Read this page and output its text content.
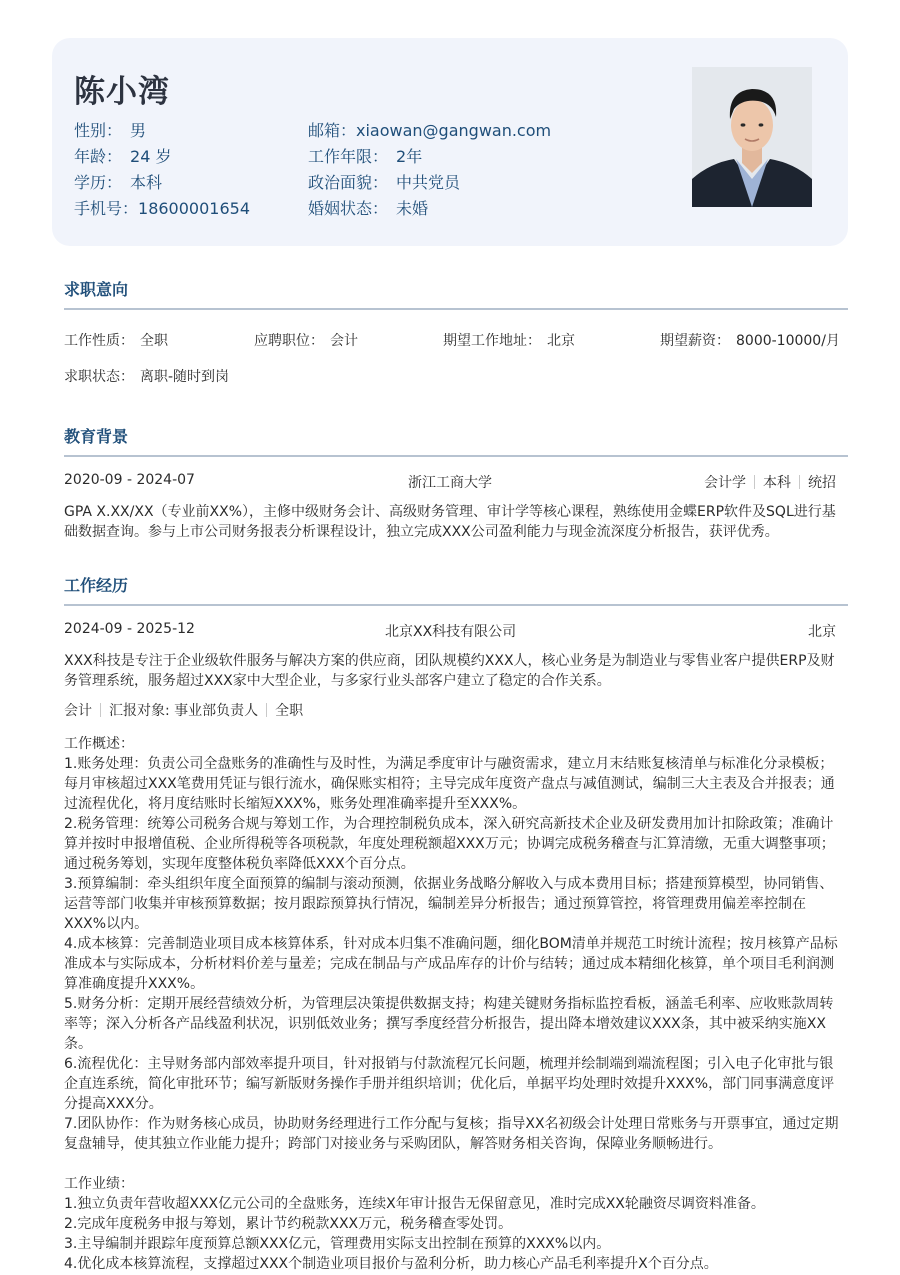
陈小湾
性别： 男	邮箱：xiaowan@gangwan.com
年龄： 24 岁	工作年限： 2年
学历： 本科	政治面貌： 中共党员
手机号：18600001654	婚姻状态： 未婚
求职意向
工作性质： 全职	应聘职位： 会计	期望工作地址： 北京	期望薪资： 8000-10000/月
求职状态： 离职-随时到岗
教育背景
2020-09 - 2024-07	浙江工商大学	会计学 本科 统招

GPA X.XX/XX（专业前XX%），主修中级财务会计、高级财务管理、审计学等核心课程，熟练使用金蝶ERP软件及SQL进行基础数据查询。参与上市公司财务报表分析课程设计，独立完成XXX公司盈利能力与现金流深度分析报告，获评优秀。

工作经历
2024-09 - 2025-12	北京XX科技有限公司	北京

XXX科技是专注于企业级软件服务与解决方案的供应商，团队规模约XXX人，核心业务是为制造业与零售业客户提供ERP及财务管理系统，服务超过XXX家中大型企业，与多家行业头部客户建立了稳定的合作关系。

会计 汇报对象: 事业部负责人 全职
工作概述：
1.账务处理：负责公司全盘账务的准确性与及时性，为满足季度审计与融资需求，建立月末结账复核清单与标准化分录模板；每月审核超过XXX笔费用凭证与银行流水，确保账实相符；主导完成年度资产盘点与减值测试，编制三大主表及合并报表；通过流程优化，将月度结账时长缩短XXX%，账务处理准确率提升至XXX%。
2.税务管理：统筹公司税务合规与筹划工作，为合理控制税负成本，深入研究高新技术企业及研发费用加计扣除政策；准确计算并按时申报增值税、企业所得税等各项税款，年度处理税额超XXX万元；协调完成税务稽查与汇算清缴，无重大调整事项；通过税务筹划，实现年度整体税负率降低XXX个百分点。
3.预算编制：牵头组织年度全面预算的编制与滚动预测，依据业务战略分解收入与成本费用目标；搭建预算模型，协同销售、运营等部门收集并审核预算数据；按月跟踪预算执行情况，编制差异分析报告；通过预算管控，将管理费用偏差率控制在XXX%以内。
4.成本核算：完善制造业项目成本核算体系，针对成本归集不准确问题，细化BOM清单并规范工时统计流程；按月核算产品标准成本与实际成本，分析材料价差与量差；完成在制品与产成品库存的计价与结转；通过成本精细化核算，单个项目毛利润测算准确度提升XXX%。
5.财务分析：定期开展经营绩效分析，为管理层决策提供数据支持；构建关键财务指标监控看板，涵盖毛利率、应收账款周转率等；深入分析各产品线盈利状况，识别低效业务；撰写季度经营分析报告，提出降本增效建议XXX条，其中被采纳实施XX条。
6.流程优化：主导财务部内部效率提升项目，针对报销与付款流程冗长问题，梳理并绘制端到端流程图；引入电子化审批与银企直连系统，简化审批环节；编写新版财务操作手册并组织培训；优化后，单据平均处理时效提升XXX%，部门同事满意度评分提高XXX分。
7.团队协作：作为财务核心成员，协助财务经理进行工作分配与复核；指导XX名初级会计处理日常账务与开票事宜，通过定期复盘辅导，使其独立作业能力提升；跨部门对接业务与采购团队，解答财务相关咨询，保障业务顺畅进行。
工作业绩：
1.独立负责年营收超XXX亿元公司的全盘账务，连续X年审计报告无保留意见，准时完成XX轮融资尽调资料准备。
2.完成年度税务申报与筹划，累计节约税款XXX万元，税务稽查零处罚。
3.主导编制并跟踪年度预算总额XXX亿元，管理费用实际支出控制在预算的XXX%以内。
4.优化成本核算流程，支撑超过XXX个制造业项目报价与盈利分析，助力核心产品毛利率提升X个百分点。
